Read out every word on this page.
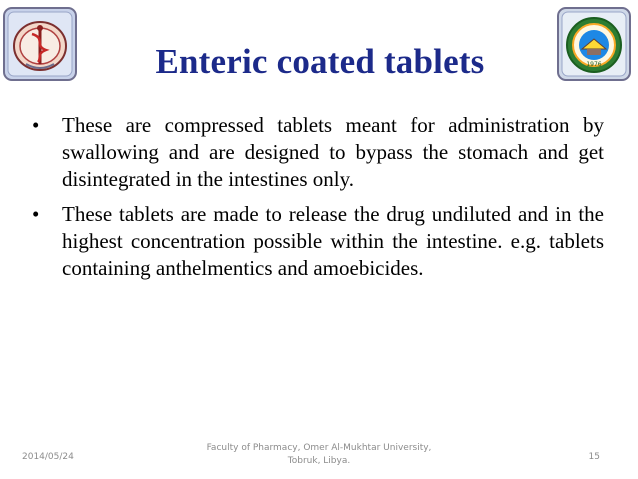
1976
Enteric coated tablets
• These are compressed tablets meant for administration by swallowing and are designed to bypass the stomach and get disintegrated in the intestines only.
• These tablets are made to release the drug undiluted and in the highest concentration possible within the intestine. e.g. tablets containing anthelmentics and amoebicides.
2014/05/24
Faculty of Pharmacy, Omer Al-Mukhtar University,
Tobruk, Libya.	15
